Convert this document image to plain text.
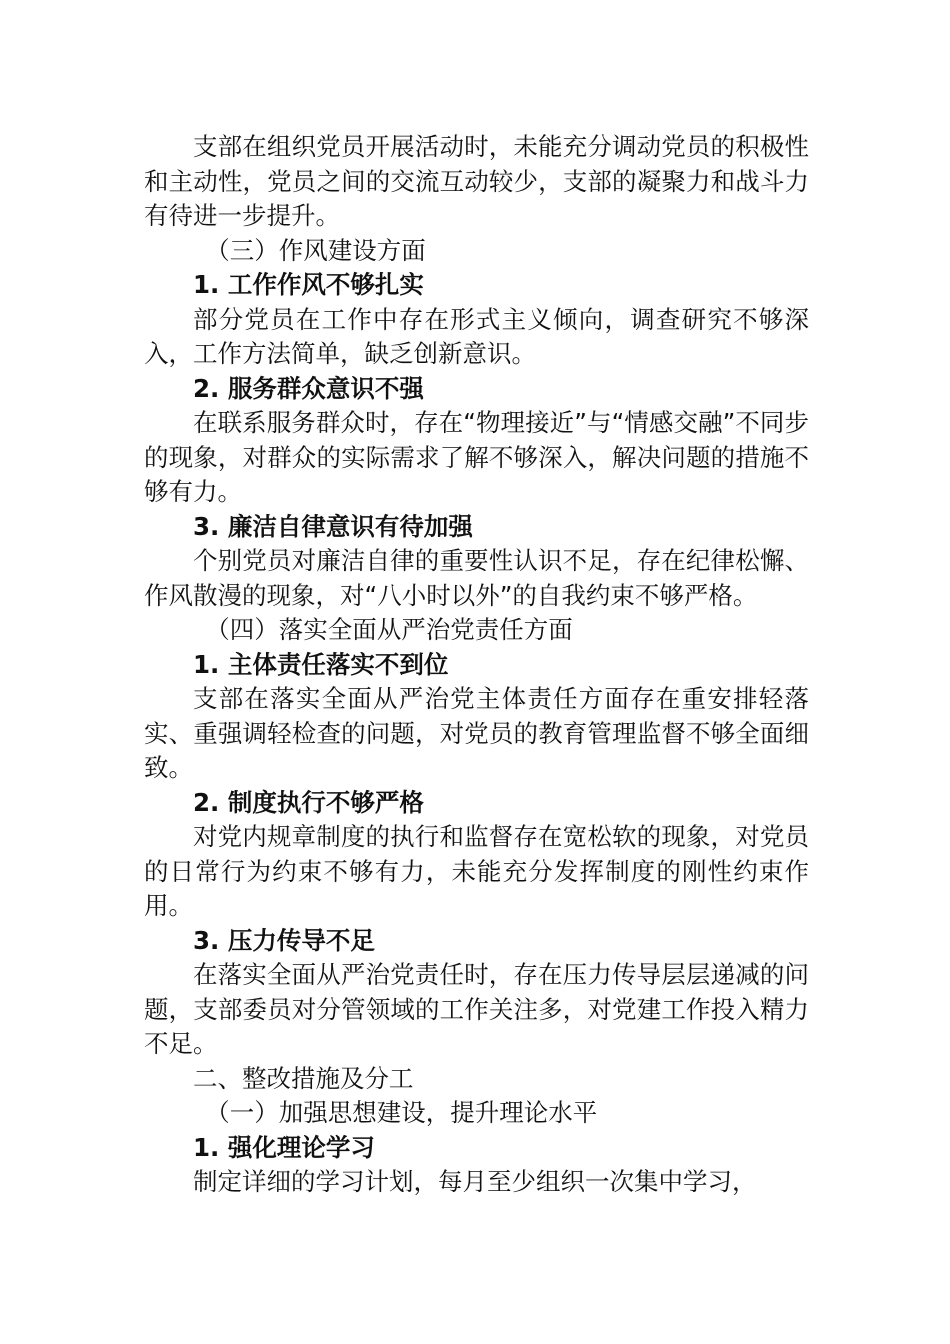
支部在组织党员开展活动时，未能充分调动党员的积极性和主动性，党员之间的交流互动较少，支部的凝聚力和战斗力有待进一步提升。

（三）作风建设方面

1. 工作作风不够扎实

部分党员在工作中存在形式主义倾向，调查研究不够深入，工作方法简单，缺乏创新意识。

2. 服务群众意识不强

在联系服务群众时，存在“物理接近”与“情感交融”不同步的现象，对群众的实际需求了解不够深入，解决问题的措施不够有力。

3. 廉洁自律意识有待加强

个别党员对廉洁自律的重要性认识不足，存在纪律松懈、作风散漫的现象，对“八小时以外”的自我约束不够严格。

（四）落实全面从严治党责任方面

1. 主体责任落实不到位

支部在落实全面从严治党主体责任方面存在重安排轻落实、重强调轻检查的问题，对党员的教育管理监督不够全面细致。

2. 制度执行不够严格

对党内规章制度的执行和监督存在宽松软的现象，对党员的日常行为约束不够有力，未能充分发挥制度的刚性约束作用。

3. 压力传导不足

在落实全面从严治党责任时，存在压力传导层层递减的问题，支部委员对分管领域的工作关注多，对党建工作投入精力不足。

二、整改措施及分工

（一）加强思想建设，提升理论水平

1. 强化理论学习

制定详细的学习计划，每月至少组织一次集中学习，
